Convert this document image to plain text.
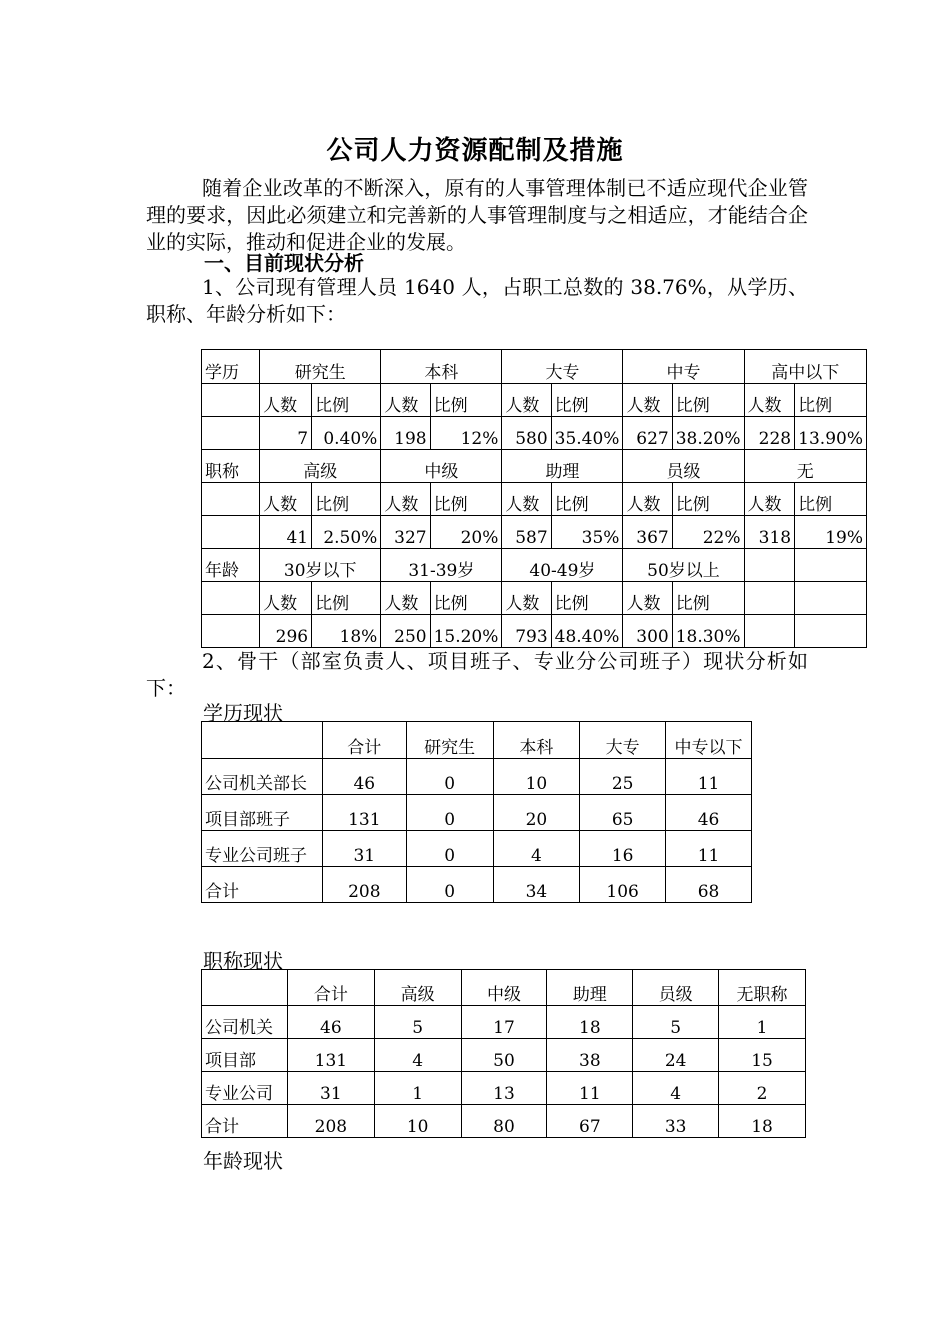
公司人力资源配制及措施
随着企业改革的不断深入，原有的人事管理体制已不适应现代企业管理的要求，因此必须建立和完善新的人事管理制度与之相适应，才能结合企业的实际，推动和促进企业的发展。
一、目前现状分析
1、公司现有管理人员 1640 人，占职工总数的 38.76%，从学历、职称、年龄分析如下：
学历	研究生		本科		大专		中专		高中以下	
	人数	比例	人数	比例	人数	比例	人数	比例	人数	比例
	7	0.40%	198	12%	580	35.40%	627	38.20%	228	13.90%
职称	高级		中级		助理		员级		无	
	人数	比例	人数	比例	人数	比例	人数	比例	人数	比例
	41	2.50%	327	20%	587	35%	367	22%	318	19%
年龄	30岁以下		31-39岁		40-49岁		50岁以上			
	人数	比例	人数	比例	人数	比例	人数	比例		
	296	18%	250	15.20%	793	48.40%	300	18.30%		
2、骨干（部室负责人、项目班子、专业分公司班子）现状分析如下：
学历现状
	合计	研究生	本科	大专	中专以下
公司机关部长	46	0	10	25	11
项目部班子	131	0	20	65	46
专业公司班子	31	0	4	16	11
合计	208	0	34	106	68
职称现状
	合计	高级	中级	助理	员级	无职称
公司机关	46	5	17	18	5	1
项目部	131	4	50	38	24	15
专业公司	31	1	13	11	4	2
合计	208	10	80	67	33	18
年龄现状
